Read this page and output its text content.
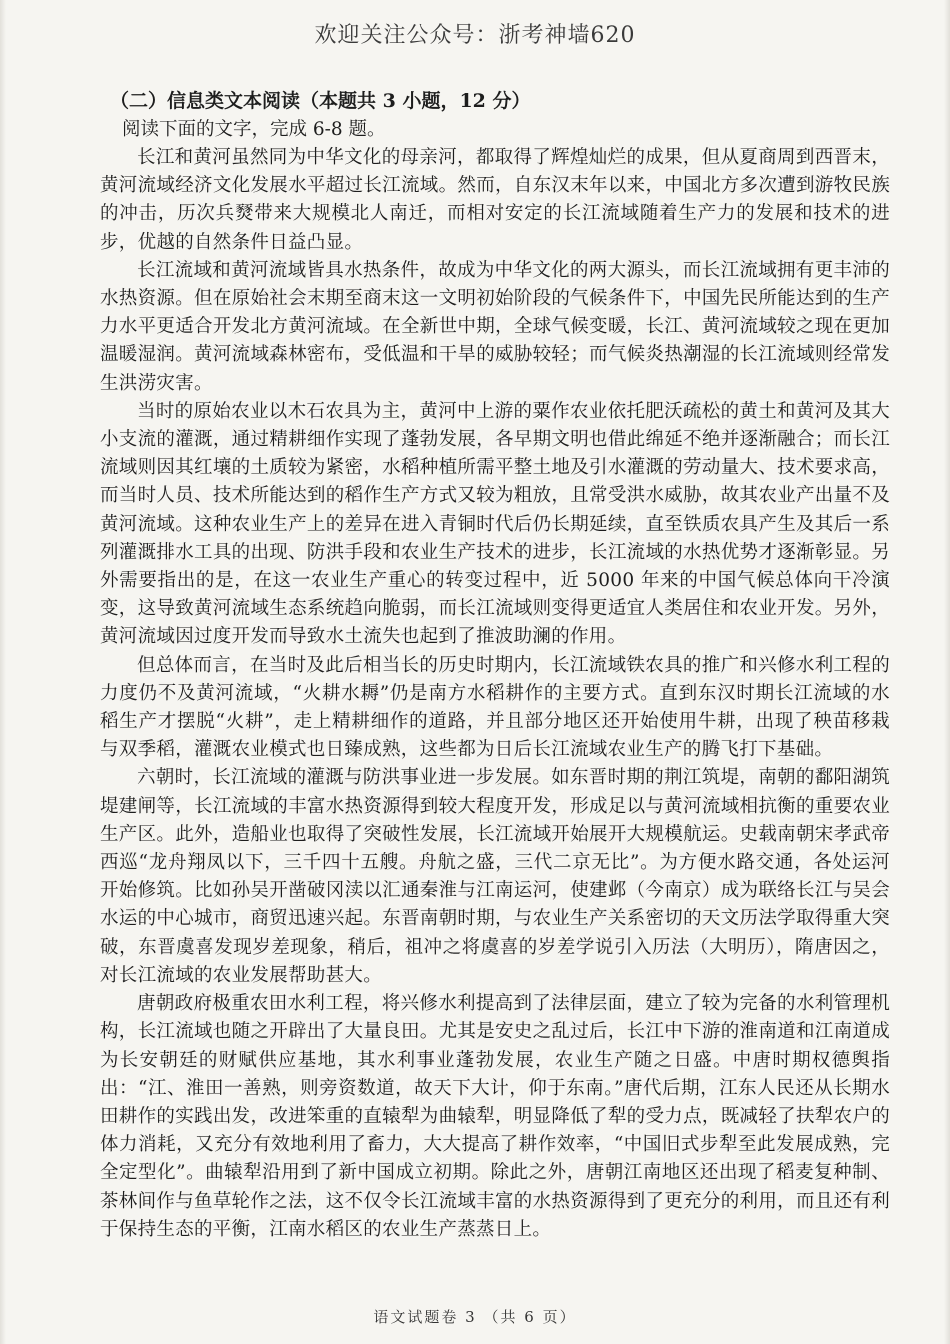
欢迎关注公众号：浙考神墙620

（二）信息类文本阅读（本题共 3 小题，12 分）

阅读下面的文字，完成 6-8 题。

长江和黄河虽然同为中华文化的母亲河，都取得了辉煌灿烂的成果，但从夏商周到西晋末，黄河流域经济文化发展水平超过长江流域。然而，自东汉末年以来，中国北方多次遭到游牧民族的冲击，历次兵燹带来大规模北人南迁，而相对安定的长江流域随着生产力的发展和技术的进步，优越的自然条件日益凸显。

长江流域和黄河流域皆具水热条件，故成为中华文化的两大源头，而长江流域拥有更丰沛的水热资源。但在原始社会末期至商末这一文明初始阶段的气候条件下，中国先民所能达到的生产力水平更适合开发北方黄河流域。在全新世中期，全球气候变暖，长江、黄河流域较之现在更加温暖湿润。黄河流域森林密布，受低温和干旱的威胁较轻；而气候炎热潮湿的长江流域则经常发生洪涝灾害。

当时的原始农业以木石农具为主，黄河中上游的粟作农业依托肥沃疏松的黄土和黄河及其大小支流的灌溉，通过精耕细作实现了蓬勃发展，各早期文明也借此绵延不绝并逐渐融合；而长江流域则因其红壤的土质较为紧密，水稻种植所需平整土地及引水灌溉的劳动量大、技术要求高，而当时人员、技术所能达到的稻作生产方式又较为粗放，且常受洪水威胁，故其农业产出量不及黄河流域。这种农业生产上的差异在进入青铜时代后仍长期延续，直至铁质农具产生及其后一系列灌溉排水工具的出现、防洪手段和农业生产技术的进步，长江流域的水热优势才逐渐彰显。另外需要指出的是，在这一农业生产重心的转变过程中，近 5000 年来的中国气候总体向干冷演变，这导致黄河流域生态系统趋向脆弱，而长江流域则变得更适宜人类居住和农业开发。另外，黄河流域因过度开发而导致水土流失也起到了推波助澜的作用。

但总体而言，在当时及此后相当长的历史时期内，长江流域铁农具的推广和兴修水利工程的力度仍不及黄河流域，“火耕水耨”仍是南方水稻耕作的主要方式。直到东汉时期长江流域的水稻生产才摆脱“火耕”，走上精耕细作的道路，并且部分地区还开始使用牛耕，出现了秧苗移栽与双季稻，灌溉农业模式也日臻成熟，这些都为日后长江流域农业生产的腾飞打下基础。

六朝时，长江流域的灌溉与防洪事业进一步发展。如东晋时期的荆江筑堤，南朝的鄱阳湖筑堤建闸等，长江流域的丰富水热资源得到较大程度开发，形成足以与黄河流域相抗衡的重要农业生产区。此外，造船业也取得了突破性发展，长江流域开始展开大规模航运。史载南朝宋孝武帝西巡“龙舟翔凤以下，三千四十五艘。舟航之盛，三代二京无比”。为方便水路交通，各处运河开始修筑。比如孙吴开凿破冈渎以汇通秦淮与江南运河，使建邺（今南京）成为联络长江与吴会水运的中心城市，商贸迅速兴起。东晋南朝时期，与农业生产关系密切的天文历法学取得重大突破，东晋虞喜发现岁差现象，稍后，祖冲之将虞喜的岁差学说引入历法（大明历），隋唐因之，对长江流域的农业发展帮助甚大。

唐朝政府极重农田水利工程，将兴修水利提高到了法律层面，建立了较为完备的水利管理机构，长江流域也随之开辟出了大量良田。尤其是安史之乱过后，长江中下游的淮南道和江南道成为长安朝廷的财赋供应基地，其水利事业蓬勃发展，农业生产随之日盛。中唐时期权德舆指出：“江、淮田一善熟，则旁资数道，故天下大计，仰于东南。”唐代后期，江东人民还从长期水田耕作的实践出发，改进笨重的直辕犁为曲辕犁，明显降低了犁的受力点，既减轻了扶犁农户的体力消耗，又充分有效地利用了畜力，大大提高了耕作效率，“中国旧式步犁至此发展成熟，完全定型化”。曲辕犁沿用到了新中国成立初期。除此之外，唐朝江南地区还出现了稻麦复种制、茶林间作与鱼草轮作之法，这不仅令长江流域丰富的水热资源得到了更充分的利用，而且还有利于保持生态的平衡，江南水稻区的农业生产蒸蒸日上。

语文试题卷 3 （共 6 页）
